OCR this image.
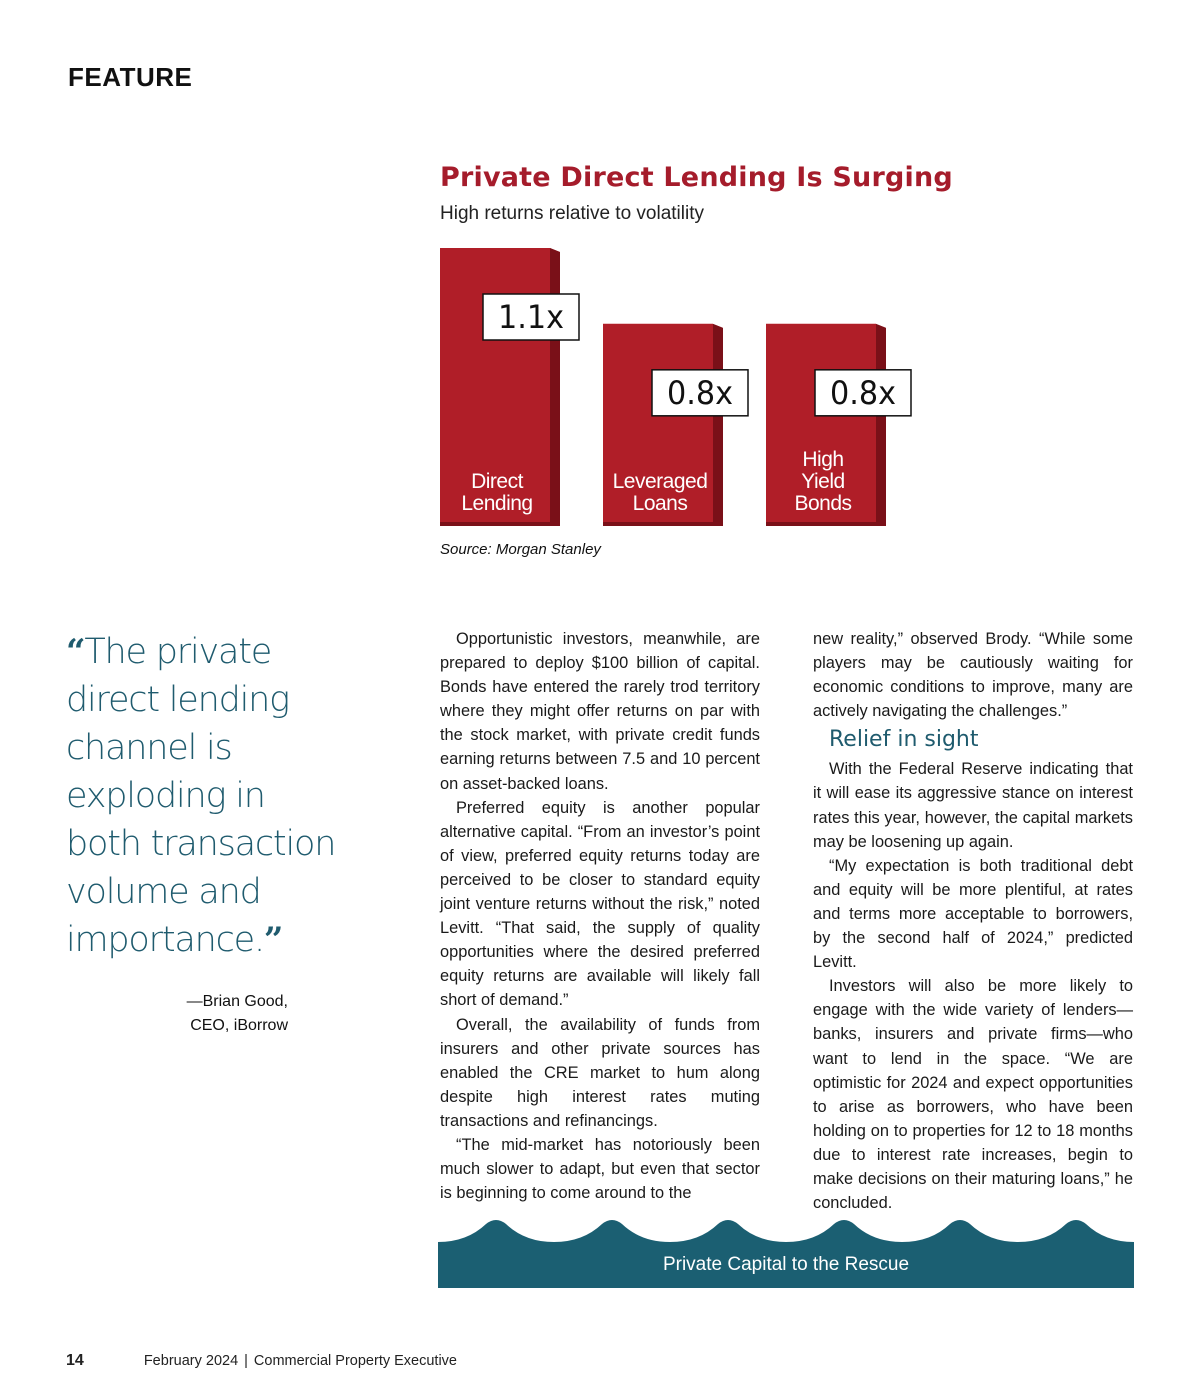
FEATURE
Private Direct Lending Is Surging
High returns relative to volatility
1.1x
Direct
Lending
0.8x
Leveraged
Loans
0.8x
High
Yield
Bonds
Source: Morgan Stanley
“The private direct lending channel is exploding in both transaction volume and importance.”
—Brian Good,
CEO, iBorrow

Opportunistic investors, meanwhile, are prepared to deploy $100 billion of capital. Bonds have entered the rarely trod territory where they might offer returns on par with the stock market, with private credit funds earning returns between 7.5 and 10 percent on asset-backed loans.

Preferred equity is another popular alternative capital. “From an investor’s point of view, preferred equity returns today are perceived to be closer to standard equity joint venture returns without the risk,” noted Levitt. “That said, the supply of quality opportunities where the desired preferred equity returns are available will likely fall short of demand.”

Overall, the availability of funds from insurers and other private sources has enabled the CRE market to hum along despite high interest rates muting transactions and refinancings.

“The mid-market has notoriously been much slower to adapt, but even that sector is beginning to come around to the

new reality,” observed Brody. “While some players may be cautiously waiting for economic conditions to improve, many are actively navigating the challenges.”

Relief in sight

With the Federal Reserve indicating that it will ease its aggressive stance on interest rates this year, however, the capital markets may be loosening up again.

“My expectation is both traditional debt and equity will be more plentiful, at rates and terms more acceptable to borrowers, by the second half of 2024,” predicted Levitt.

Investors will also be more likely to engage with the wide variety of lenders—banks, insurers and private firms—who want to lend in the space. “We are optimistic for 2024 and expect opportunities to arise as borrowers, who have been holding on to properties for 12 to 18 months due to interest rate increases, begin to make decisions on their maturing loans,” he concluded.

Private Capital to the Rescue
14	February 2024 | Commercial Property Executive
